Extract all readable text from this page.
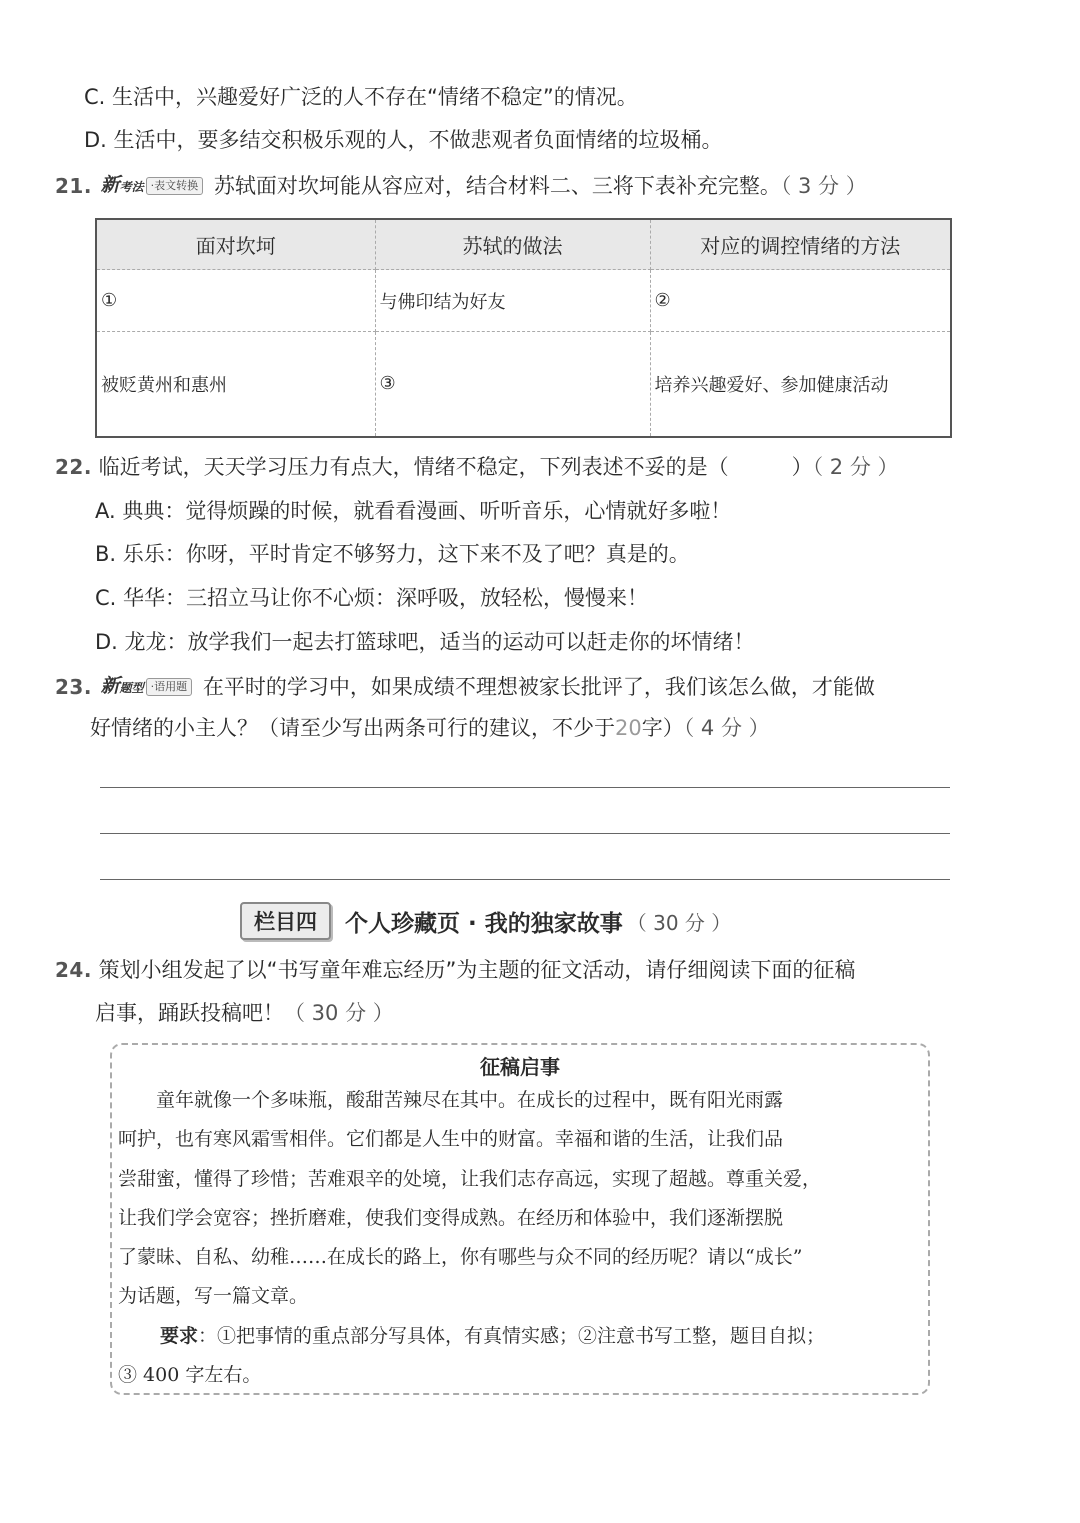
C. 生活中，兴趣爱好广泛的人不存在“情绪不稳定”的情况。
D. 生活中，要多结交积极乐观的人，不做悲观者负面情绪的垃圾桶。
21. 新考法 ·表文转换 苏轼面对坎坷能从容应对，结合材料二、三将下表补充完整。（ 3 分 ）
面对坎坷	苏轼的做法	对应的调控情绪的方法
①	与佛印结为好友	②
被贬黄州和惠州	③	培养兴趣爱好、参加健康活动
22. 临近考试，天天学习压力有点大，情绪不稳定，下列表述不妥的是（　　　）（ 2 分 ）
A. 典典：觉得烦躁的时候，就看看漫画、听听音乐，心情就好多啦！
B. 乐乐：你呀，平时肯定不够努力，这下来不及了吧？真是的。
C. 华华：三招立马让你不心烦：深呼吸，放轻松，慢慢来！
D. 龙龙：放学我们一起去打篮球吧，适当的运动可以赶走你的坏情绪！
23. 新题型 ·语用题 在平时的学习中，如果成绩不理想被家长批评了，我们该怎么做，才能做
好情绪的小主人？（请至少写出两条可行的建议，不少于20字）（ 4 分 ）
栏目四	个人珍藏页 · 我的独家故事 （ 30 分 ）
24. 策划小组发起了以“书写童年难忘经历”为主题的征文活动，请仔细阅读下面的征稿
启事，踊跃投稿吧！（ 30 分 ）
征稿启事
　　童年就像一个多味瓶，酸甜苦辣尽在其中。在成长的过程中，既有阳光雨露
呵护，也有寒风霜雪相伴。它们都是人生中的财富。幸福和谐的生活，让我们品
尝甜蜜，懂得了珍惜；苦难艰辛的处境，让我们志存高远，实现了超越。尊重关爱，
让我们学会宽容；挫折磨难，使我们变得成熟。在经历和体验中，我们逐渐摆脱
了蒙昧、自私、幼稚……在成长的路上，你有哪些与众不同的经历呢？请以“成长”
为话题，写一篇文章。
要求：①把事情的重点部分写具体，有真情实感；②注意书写工整，题目自拟；
③ 400 字左右。
